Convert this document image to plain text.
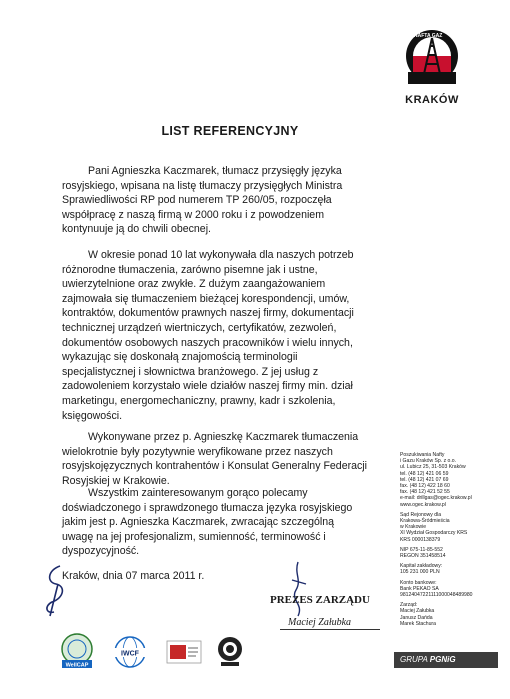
NAFTA GAZ
KRAKÓW
LIST REFERENCYJNY
Pani Agnieszka Kaczmarek, tłumacz przysięgły języka
rosyjskiego, wpisana na listę tłumaczy przysięgłych Ministra
Sprawiedliwości RP pod numerem TP 260/05, rozpoczęła
współpracę z naszą firmą w 2000 roku i z powodzeniem
kontynuuje ją do chwili obecnej.
W okresie ponad 10 lat wykonywała dla naszych potrzeb
różnorodne tłumaczenia, zarówno pisemne jak i ustne,
uwierzytelnione oraz zwykłe. Z dużym zaangażowaniem
zajmowała się tłumaczeniem bieżącej korespondencji, umów,
kontraktów, dokumentów prawnych naszej firmy, dokumentacji
technicznej urządzeń wiertniczych, certyfikatów, zezwoleń,
dokumentów osobowych naszych pracowników i wielu innych,
wykazując się doskonałą znajomością terminologii
specjalistycznej i słownictwa branżowego. Z jej usług z
zadowoleniem korzystało wiele działów naszej firmy min. dział
marketingu, energomechaniczny, prawny, kadr i szkolenia,
księgowości.
Wykonywane przez p. Agnieszkę Kaczmarek tłumaczenia
wielokrotnie były pozytywnie weryfikowane przez naszych
rosyjskojęzycznych kontrahentów i Konsulat Generalny Federacji
Rosyjskiej w Krakowie.
Wszystkim zainteresowanym gorąco polecamy
doświadczonego i sprawdzonego tłumacza języka rosyjskiego
jakim jest p. Agnieszka Kaczmarek, zwracając szczególną
uwagę na jej profesjonalizm, sumienność, terminowość i
dyspozycyjność.
Kraków, dnia 07 marca 2011 r.
Poszukiwania Nafty
i Gazu Kraków Sp. z o.o.
ul. Lubicz 25, 31-503 Kraków
tel. (48 12) 421 06 59
tel. (48 12) 421 07 69
fax. (48 12) 422 18 60
fax. (48 12) 421 52 55
e-mail: drillgas@ogec.krakow.pl
www.ogec.krakow.pl
Sąd Rejonowy dla
Krakowa-Śródmieścia
w Krakowie
XI Wydział Gospodarczy KRS
KRS 0000138379
NIP 675-11-85-552
REGON 351458514
Kapitał zakładowy:
105 231 000 PLN
Konto bankowe:
Bank PEKAO SA
98124047221111000048489980
Zarząd:
Maciej Załubka
Janusz Dańda
Marek Stachura
PREZES ZARZĄDU
Maciej Załubka
WellCAP
IWCF
GRUPA PGNiG
